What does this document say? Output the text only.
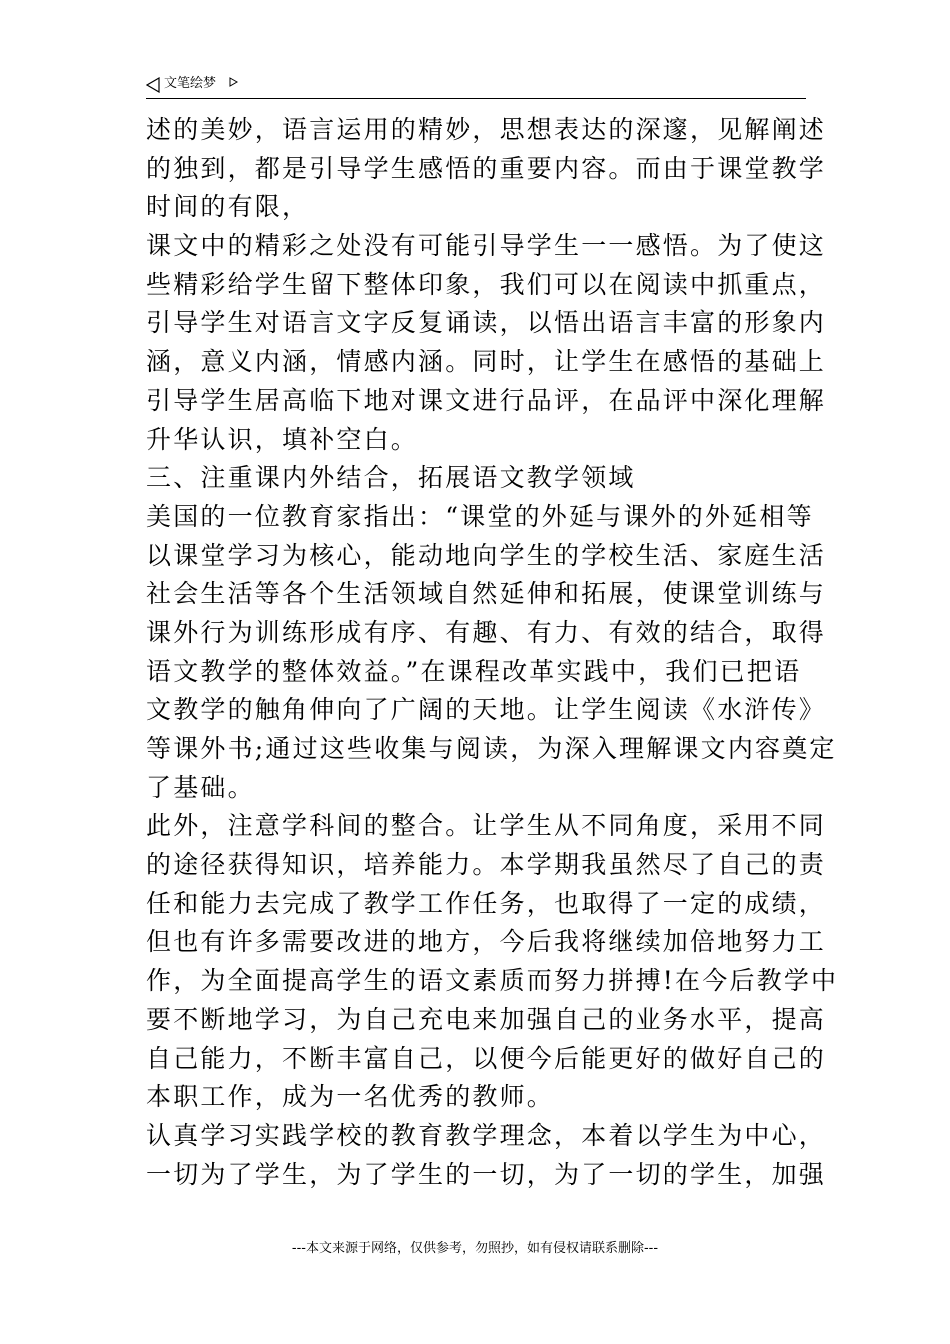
文笔绘梦
述的美妙，语言运用的精妙，思想表达的深邃，见解阐述
的独到，都是引导学生感悟的重要内容。而由于课堂教学
时间的有限，
课文中的精彩之处没有可能引导学生一一感悟。为了使这
些精彩给学生留下整体印象，我们可以在阅读中抓重点，
引导学生对语言文字反复诵读，以悟出语言丰富的形象内
涵，意义内涵，情感内涵。同时，让学生在感悟的基础上
引导学生居高临下地对课文进行品评，在品评中深化理解
升华认识，填补空白。
三、注重课内外结合，拓展语文教学领域
美国的一位教育家指出：“课堂的外延与课外的外延相等
以课堂学习为核心，能动地向学生的学校生活、家庭生活
社会生活等各个生活领域自然延伸和拓展，使课堂训练与
课外行为训练形成有序、有趣、有力、有效的结合，取得
语文教学的整体效益。”在课程改革实践中，我们已把语
文教学的触角伸向了广阔的天地。让学生阅读《水浒传》
等课外书;通过这些收集与阅读，为深入理解课文内容奠定
了基础。
此外，注意学科间的整合。让学生从不同角度，采用不同
的途径获得知识，培养能力。本学期我虽然尽了自己的责
任和能力去完成了教学工作任务，也取得了一定的成绩，
但也有许多需要改进的地方，今后我将继续加倍地努力工
作，为全面提高学生的语文素质而努力拼搏!在今后教学中
要不断地学习，为自己充电来加强自己的业务水平，提高
自己能力，不断丰富自己，以便今后能更好的做好自己的
本职工作，成为一名优秀的教师。
认真学习实践学校的教育教学理念，本着以学生为中心，
一切为了学生，为了学生的一切，为了一切的学生，加强
---本文来源于网络，仅供参考，勿照抄，如有侵权请联系删除---
